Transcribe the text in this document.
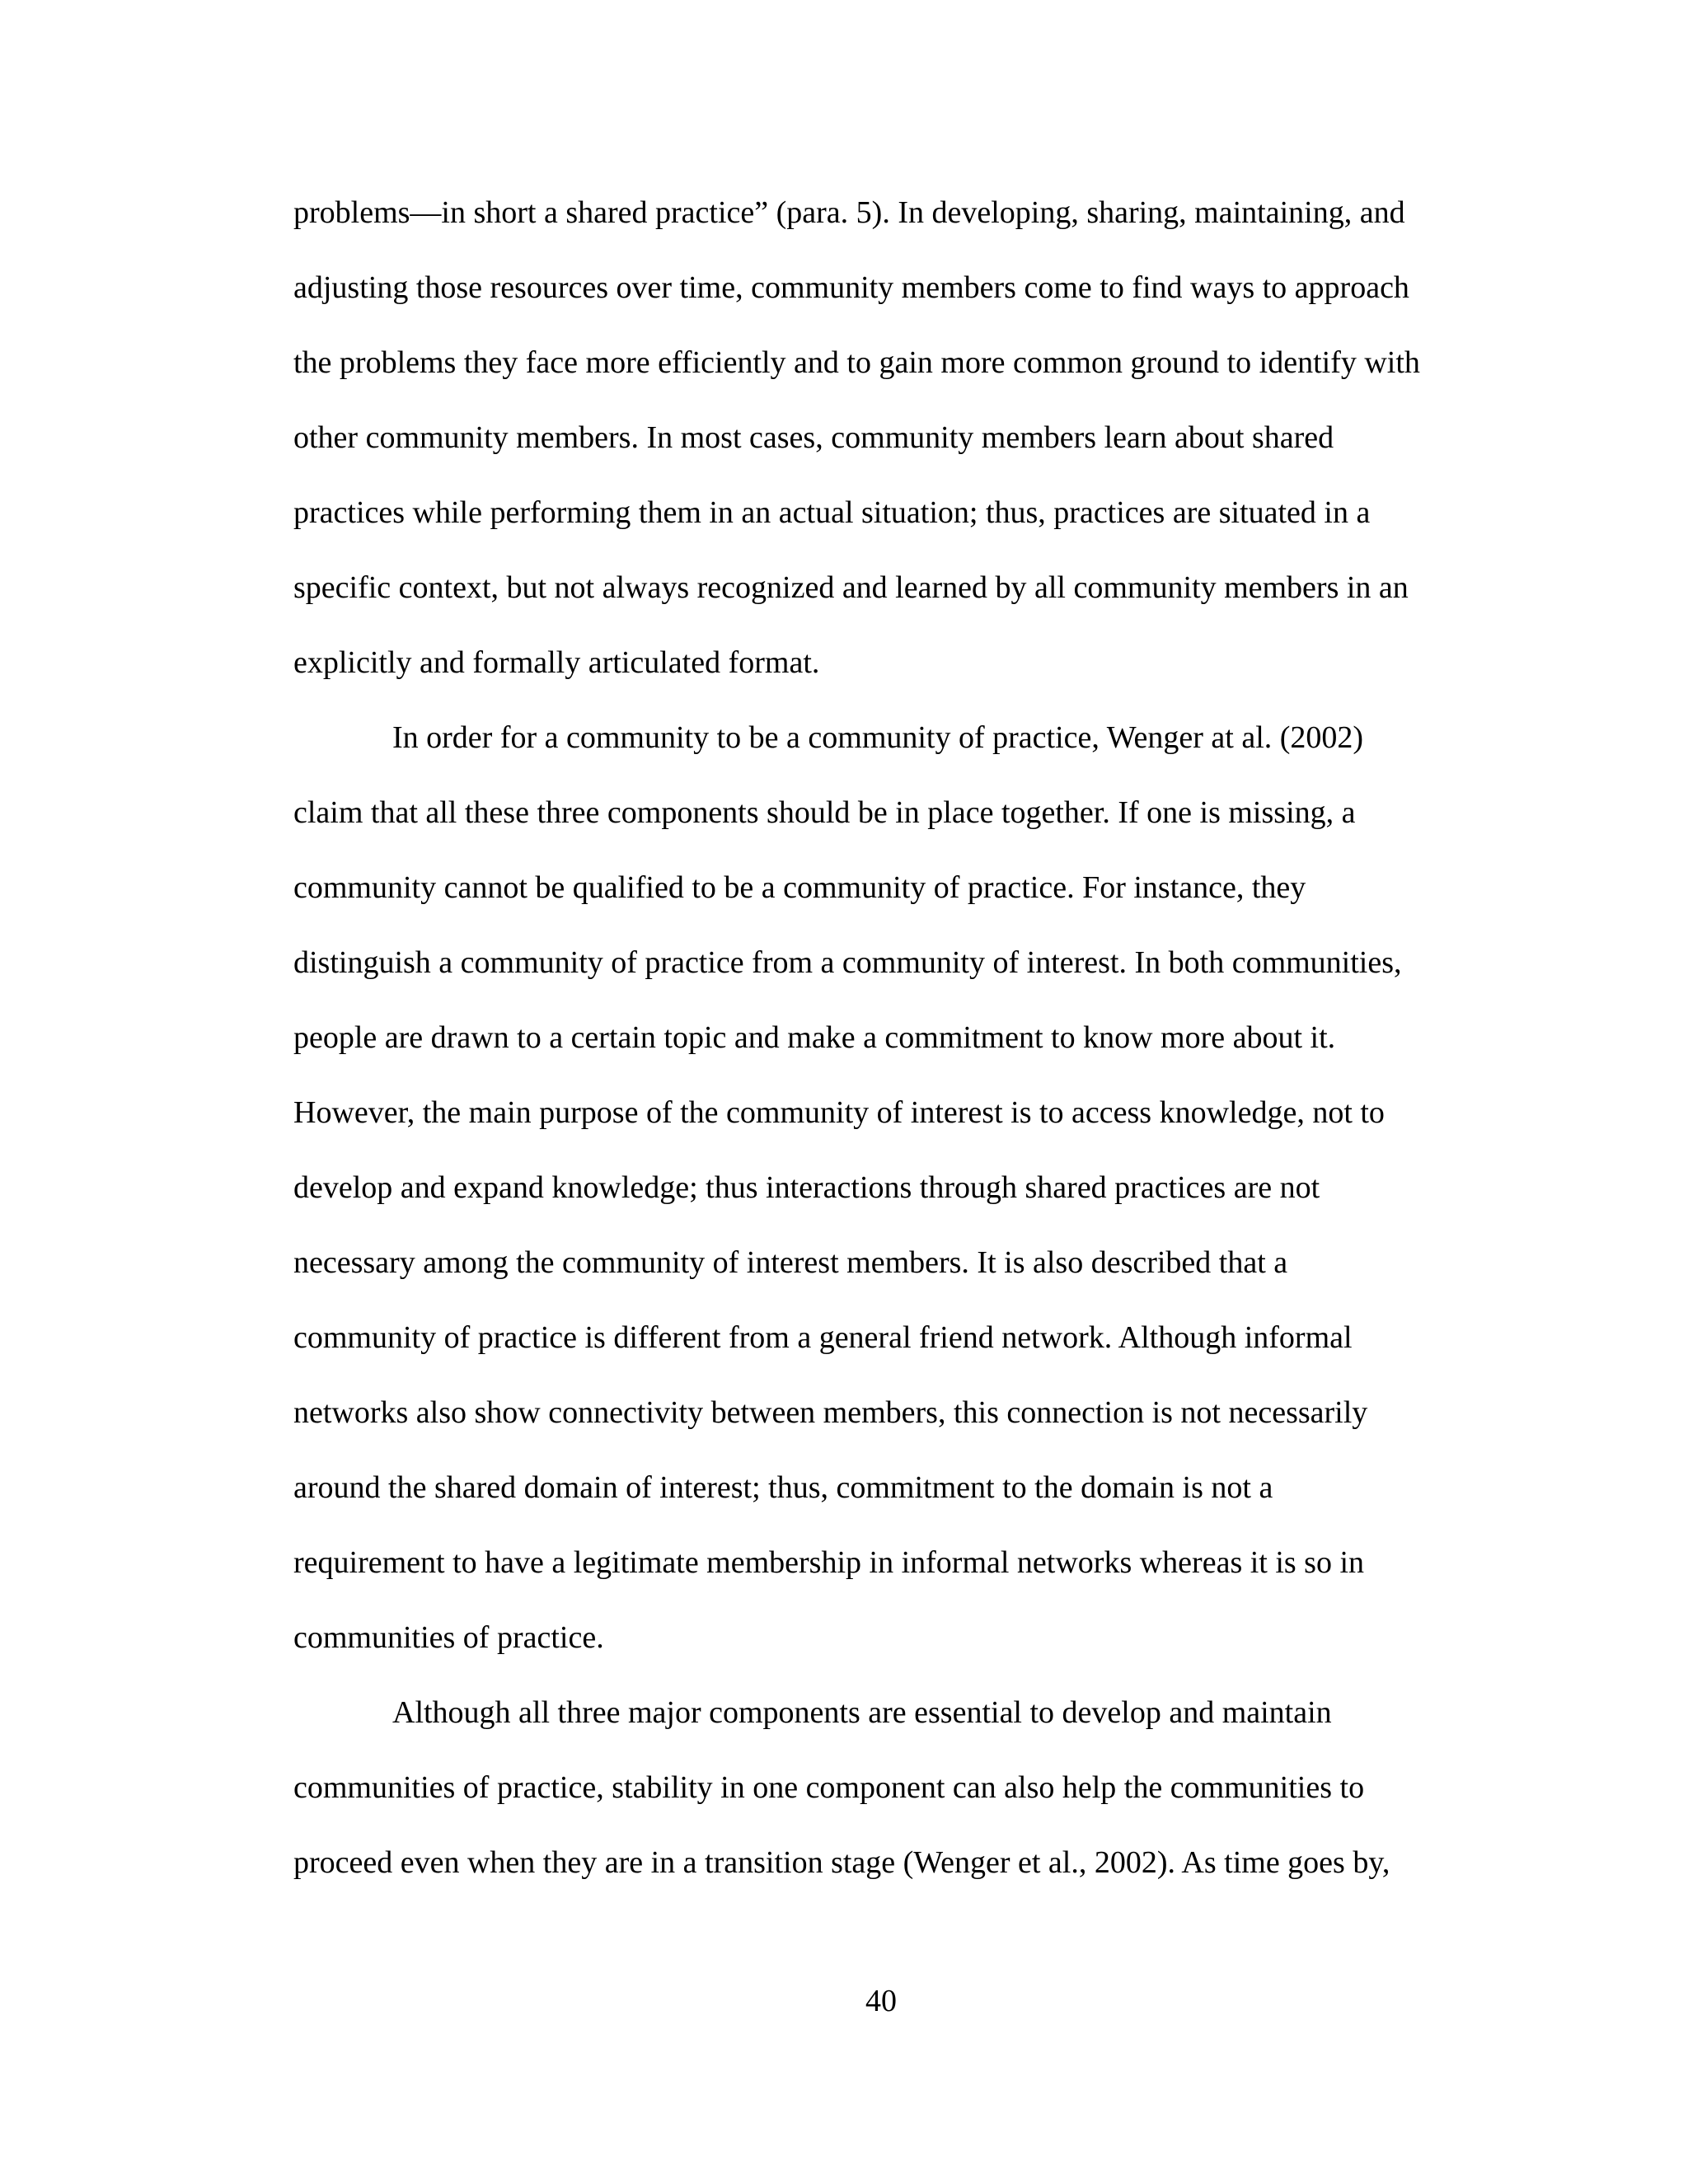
problems—in short a shared practice” (para. 5). In developing, sharing, maintaining, and
adjusting those resources over time, community members come to find ways to approach
the problems they face more efficiently and to gain more common ground to identify with
other community members. In most cases, community members learn about shared
practices while performing them in an actual situation; thus, practices are situated in a
specific context, but not always recognized and learned by all community members in an
explicitly and formally articulated format.
In order for a community to be a community of practice, Wenger at al. (2002)
claim that all these three components should be in place together. If one is missing, a
community cannot be qualified to be a community of practice. For instance, they
distinguish a community of practice from a community of interest. In both communities,
people are drawn to a certain topic and make a commitment to know more about it.
However, the main purpose of the community of interest is to access knowledge, not to
develop and expand knowledge; thus interactions through shared practices are not
necessary among the community of interest members. It is also described that a
community of practice is different from a general friend network. Although informal
networks also show connectivity between members, this connection is not necessarily
around the shared domain of interest; thus, commitment to the domain is not a
requirement to have a legitimate membership in informal networks whereas it is so in
communities of practice.
Although all three major components are essential to develop and maintain
communities of practice, stability in one component can also help the communities to
proceed even when they are in a transition stage (Wenger et al., 2002). As time goes by,
40
